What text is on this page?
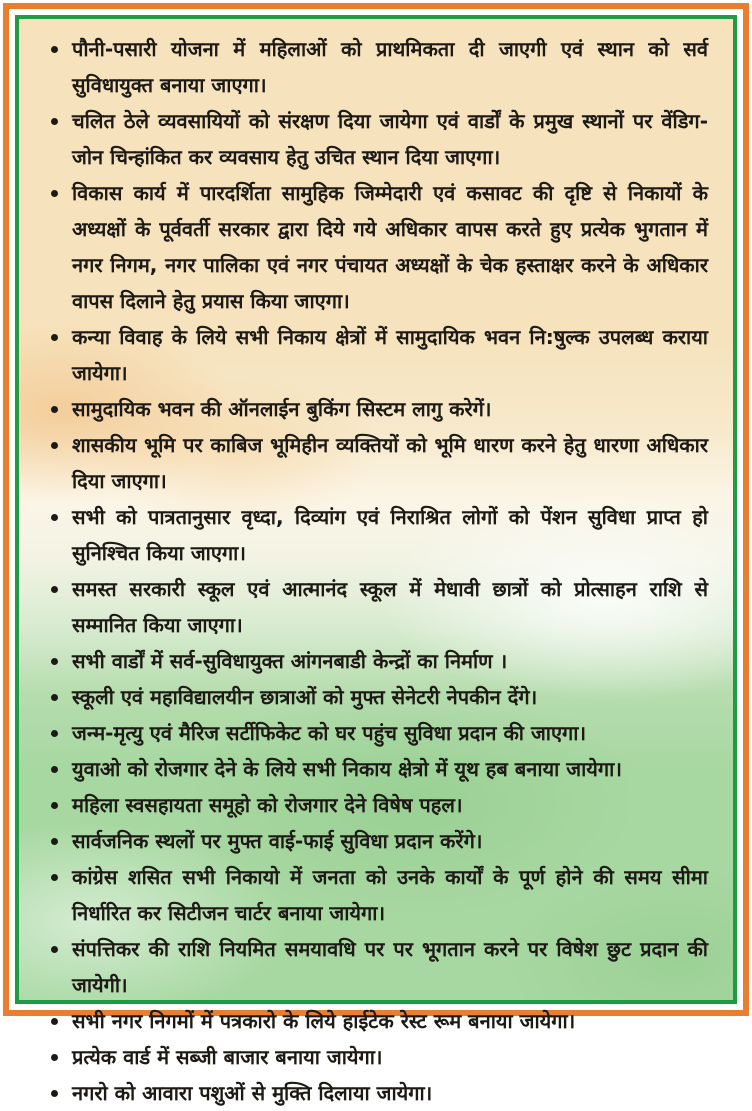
पौनी-पसारी योजना में महिलाओं को प्राथमिकता दी जाएगी एवं स्थान को सर्व सुविधायुक्त बनाया जाएगा।
चलित ठेले व्यवसायियों को संरक्षण दिया जायेगा एवं वार्डों के प्रमुख स्थानों पर वेंडिग-जोन चिन्हांकित कर व्यवसाय हेतु उचित स्थान दिया जाएगा।
विकास कार्य में पारदर्शिता सामुहिक जिम्मेदारी एवं कसावट की दृष्टि से निकायों के अध्यक्षों के पूर्ववर्ती सरकार द्वारा दिये गये अधिकार वापस करते हुए प्रत्येक भुगतान में नगर निगम, नगर पालिका एवं नगर पंचायत अध्यक्षों के चेक हस्ताक्षर करने के अधिकार वापस दिलाने हेतु प्रयास किया जाएगा।
कन्या विवाह के लिये सभी निकाय क्षेत्रों में सामुदायिक भवन नि:षुल्क उपलब्ध कराया जायेगा।
सामुदायिक भवन की ऑनलाईन बुकिंग सिस्टम लागु करेगें।
शासकीय भूमि पर काबिज भूमिहीन व्यक्तियों को भूमि धारण करने हेतु धारणा अधिकार दिया जाएगा।
सभी को पात्रतानुसार वृध्दा, दिव्यांग एवं निराश्रित लोगों को पेंशन सुविधा प्राप्त हो सुनिश्चित किया जाएगा।
समस्त सरकारी स्कूल एवं आत्मानंद स्कूल में मेधावी छात्रों को प्रोत्साहन राशि से सम्मानित किया जाएगा।
सभी वार्डों में सर्व-सुविधायुक्त आंगनबाडी केन्द्रों का निर्माण ।
स्कूली एवं महाविद्यालयीन छात्राओं को मुफ्त सेनेटरी नेपकीन देंगे।
जन्म-मृत्यु एवं मैरिज सर्टीफिकेट को घर पहुंच सुविधा प्रदान की जाएगा।
युवाओ को रोजगार देने के लिये सभी निकाय क्षेत्रो में यूथ हब बनाया जायेगा।
महिला स्वसहायता समूहो को रोजगार देने विषेष पहल।
सार्वजनिक स्थलों पर मुफ्त वाई-फाई सुविधा प्रदान करेंगे।
कांग्रेस शसित सभी निकायो में जनता को उनके कार्यों के पूर्ण होने की समय सीमा निर्धारित कर सिटीजन चार्टर बनाया जायेगा।
संपत्तिकर की राशि नियमित समयावधि पर पर भूगतान करने पर विषेश छुट प्रदान की जायेगी।
सभी नगर निगमों में पत्रकारो के लिये हाईटेक रेस्ट रूम बनाया जायेगा।
प्रत्येक वार्ड में सब्जी बाजार बनाया जायेगा।
नगरो को आवारा पशुओं से मुक्ति दिलाया जायेगा।
